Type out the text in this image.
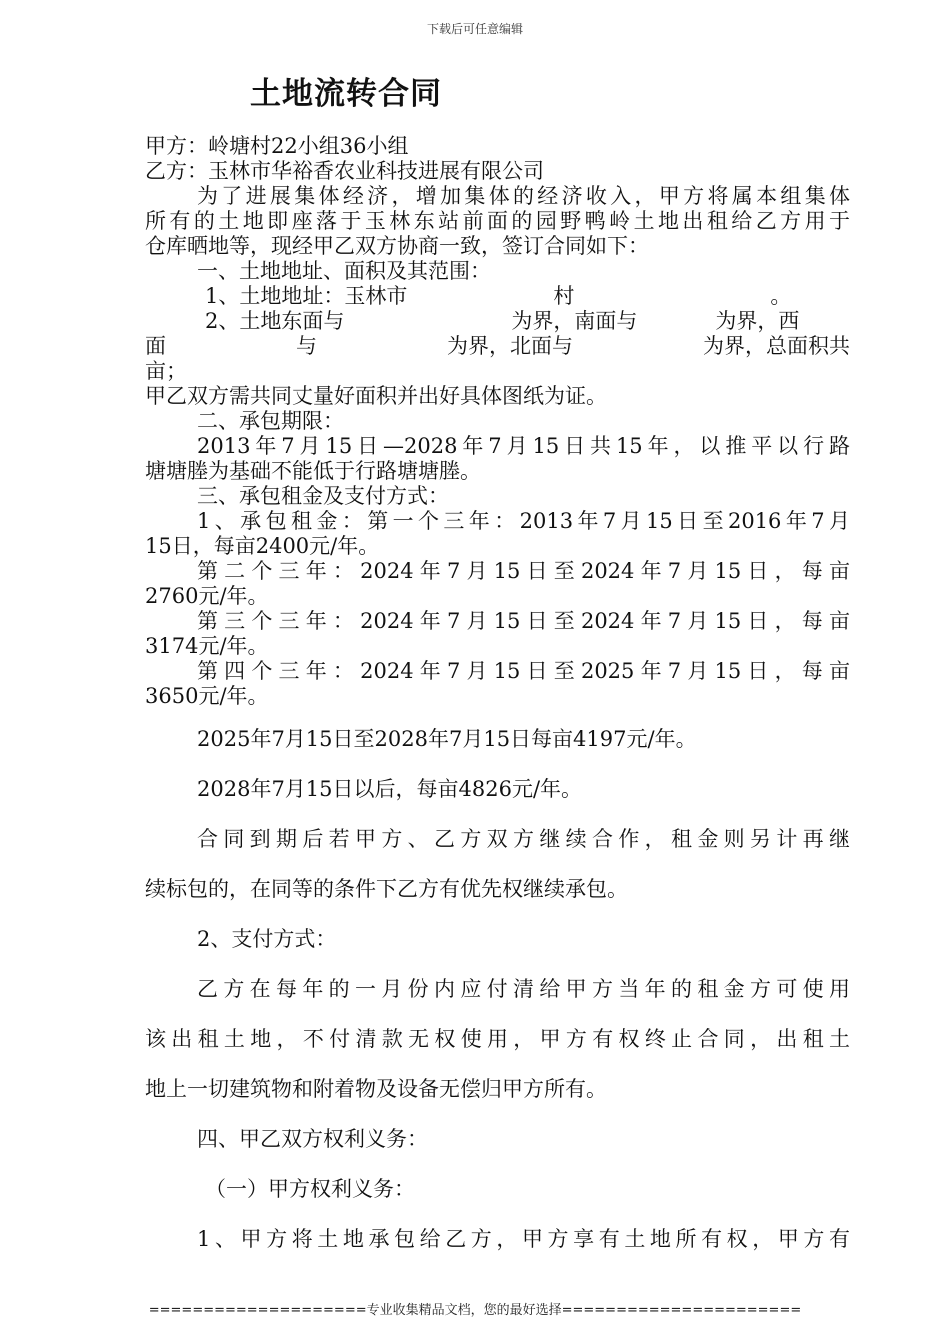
下载后可任意编辑
土地流转合同

甲方：岭塘村22小组36小组

乙方：玉林市华裕香农业科技进展有限公司

为了进展集体经济，增加集体的经济收入，甲方将属本组集体

所有的土地即座落于玉林东站前面的园野鸭岭土地出租给乙方用于

仓库晒地等，现经甲乙双方协商一致，签订合同如下：

一、土地地址、面积及其范围：

1、土地地址：玉林市	村	。

2、土地东面与	为界，南面与	为界，西

面	与	为界，北面与	为界，总面积共

亩；

甲乙双方需共同丈量好面积并出好具体图纸为证。

二、承包期限：

2013年7月15日—2028年7月15日共15年，以推平以行路

塘塘塍为基础不能低于行路塘塘塍。

三、承包租金及支付方式：

1、承包租金：第一个三年：2013年7月15日至2016年7月

15日，每亩2400元/年。

第二个三年：2024年7月15日至2024年7月15日，每亩

2760元/年。

第三个三年：2024年7月15日至2024年7月15日，每亩

3174元/年。

第四个三年：2024年7月15日至2025年7月15日，每亩

3650元/年。

2025年7月15日至2028年7月15日每亩4197元/年。

2028年7月15日以后，每亩4826元/年。

合同到期后若甲方、乙方双方继续合作，租金则另计再继

续标包的，在同等的条件下乙方有优先权继续承包。

2、支付方式：

乙方在每年的一月份内应付清给甲方当年的租金方可使用

该出租土地，不付清款无权使用，甲方有权终止合同，出租土

地上一切建筑物和附着物及设备无偿归甲方所有。

四、甲乙双方权利义务：

（一）甲方权利义务：

1、甲方将土地承包给乙方，甲方享有土地所有权，甲方有

====================专业收集精品文档，您的最好选择======================
